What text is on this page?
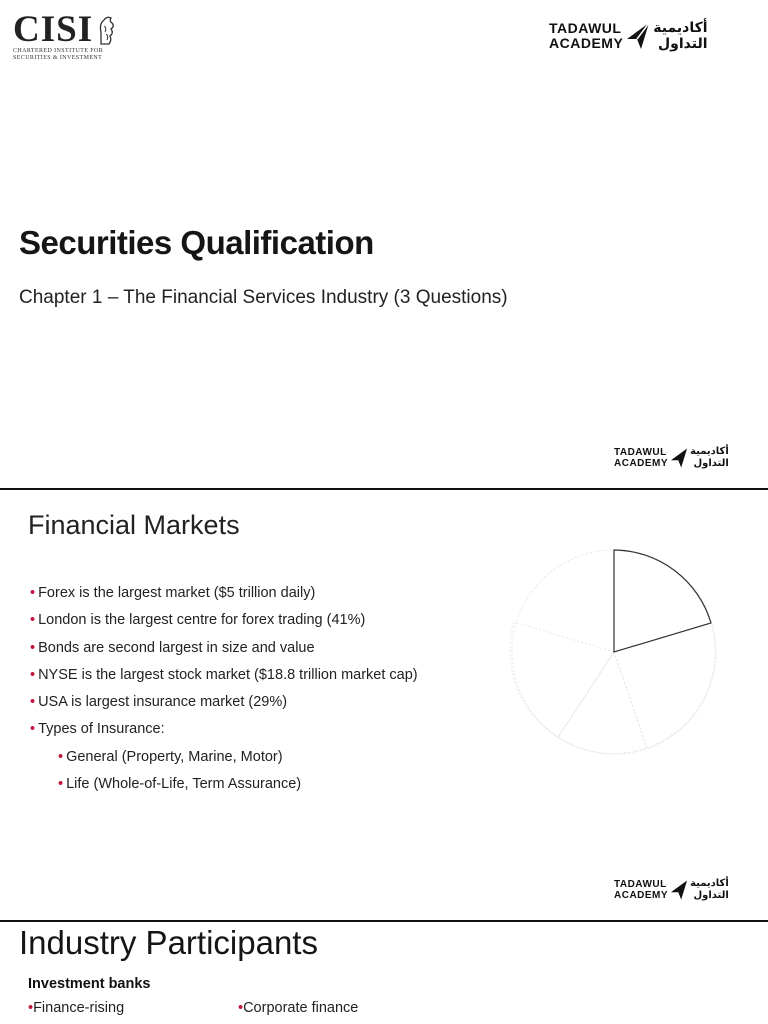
CISI
CHARTERED INSTITUTE FOR
SECURITIES & INVESTMENT
TADAWUL
ACADEMY
أكاديمية
التداول
Securities Qualification
Chapter 1 – The Financial Services Industry (3 Questions)
TADAWUL
ACADEMY
أكاديمية
التداول
Financial Markets
• Forex is the largest market ($5 trillion daily)
• London is the largest centre for forex trading (41%)
• Bonds are second largest in size and value
• NYSE is the largest stock market ($18.8 trillion market cap)
• USA is largest insurance market (29%)
• Types of Insurance:
• General (Property, Marine, Motor)
• Life (Whole-of-Life, Term Assurance)
TADAWUL
ACADEMY
أكاديمية
التداول
Industry Participants
Investment banks
•Finance-rising	•Corporate finance
